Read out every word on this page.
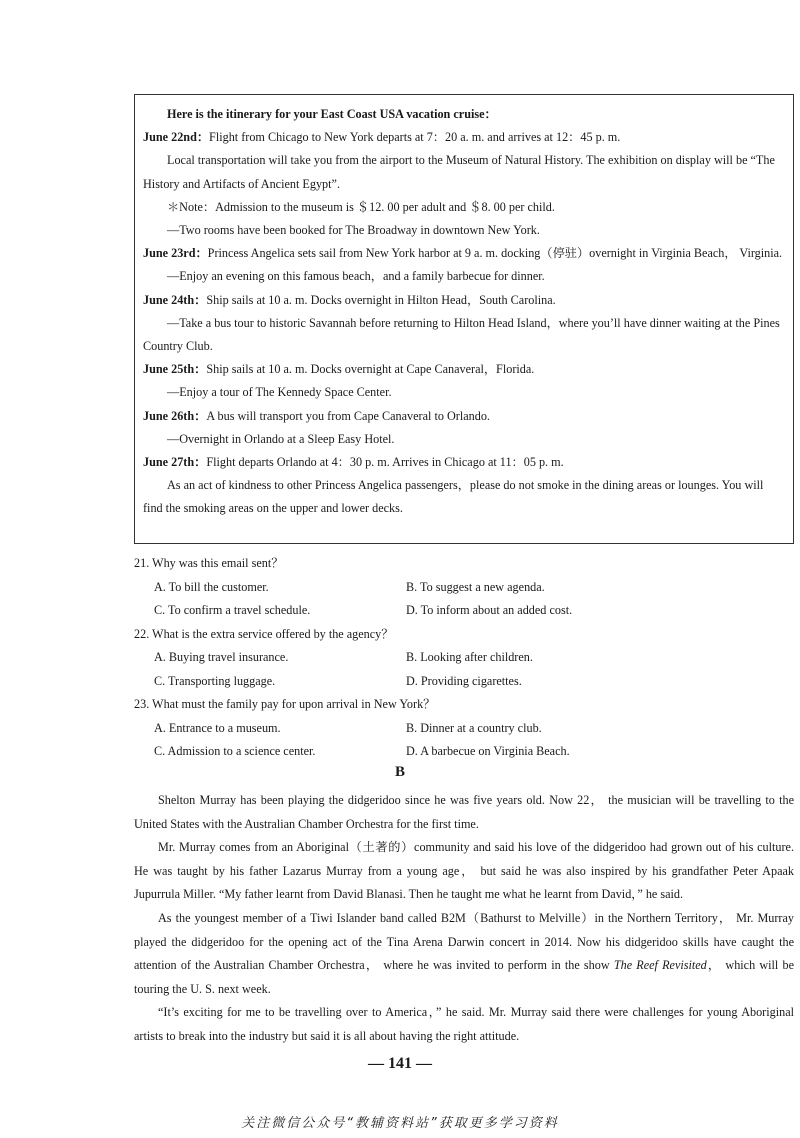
Here is the itinerary for your East Coast USA vacation cruise：

June 22nd：Flight from Chicago to New York departs at 7：20 a. m. and arrives at 12：45 p. m.

Local transportation will take you from the airport to the Museum of Natural History. The exhibition on display will be “The History and Artifacts of Ancient Egypt”.

＊Note：Admission to the museum is ＄12. 00 per adult and ＄8. 00 per child.

—Two rooms have been booked for The Broadway in downtown New York.

June 23rd：Princess Angelica sets sail from New York harbor at 9 a. m. docking（停驻）overnight in Virginia Beach， Virginia.

—Enjoy an evening on this famous beach，and a family barbecue for dinner.

June 24th：Ship sails at 10 a. m. Docks overnight in Hilton Head，South Carolina.

—Take a bus tour to historic Savannah before returning to Hilton Head Island，where you’ll have dinner waiting at the Pines Country Club.

June 25th：Ship sails at 10 a. m. Docks overnight at Cape Canaveral，Florida.

—Enjoy a tour of The Kennedy Space Center.

June 26th：A bus will transport you from Cape Canaveral to Orlando.

—Overnight in Orlando at a Sleep Easy Hotel.

June 27th：Flight departs Orlando at 4：30 p. m. Arrives in Chicago at 11：05 p. m.

As an act of kindness to other Princess Angelica passengers，please do not smoke in the dining areas or lounges. You will find the smoking areas on the upper and lower decks.

21. Why was this email sent？

A. To bill the customer.	B. To suggest a new agenda.
C. To confirm a travel schedule.	D. To inform about an added cost.

22. What is the extra service offered by the agency？

A. Buying travel insurance.	B. Looking after children.
C. Transporting luggage.	D. Providing cigarettes.

23. What must the family pay for upon arrival in New York？

A. Entrance to a museum.	B. Dinner at a country club.
C. Admission to a science center.	D. A barbecue on Virginia Beach.
B

Shelton Murray has been playing the didgeridoo since he was five years old. Now 22， the musician will be travelling to the United States with the Australian Chamber Orchestra for the first time.

Mr. Murray comes from an Aboriginal（土著的）community and said his love of the didgeridoo had grown out of his culture. He was taught by his father Lazarus Murray from a young age， but said he was also inspired by his grandfather Peter Apaak Jupurrula Miller. “My father learnt from David Blanasi. Then he taught me what he learnt from David，” he said.

As the youngest member of a Tiwi Islander band called B2M（Bathurst to Melville）in the Northern Territory， Mr. Murray played the didgeridoo for the opening act of the Tina Arena Darwin concert in 2014. Now his didgeridoo skills have caught the attention of the Australian Chamber Orchestra， where he was invited to perform in the show The Reef Revisited， which will be touring the U. S. next week.

“It’s exciting for me to be travelling over to America，” he said. Mr. Murray said there were challenges for young Aboriginal artists to break into the industry but said it is all about having the right attitude.

— 141 —
关注微信公众号“教辅资料站”获取更多学习资料
